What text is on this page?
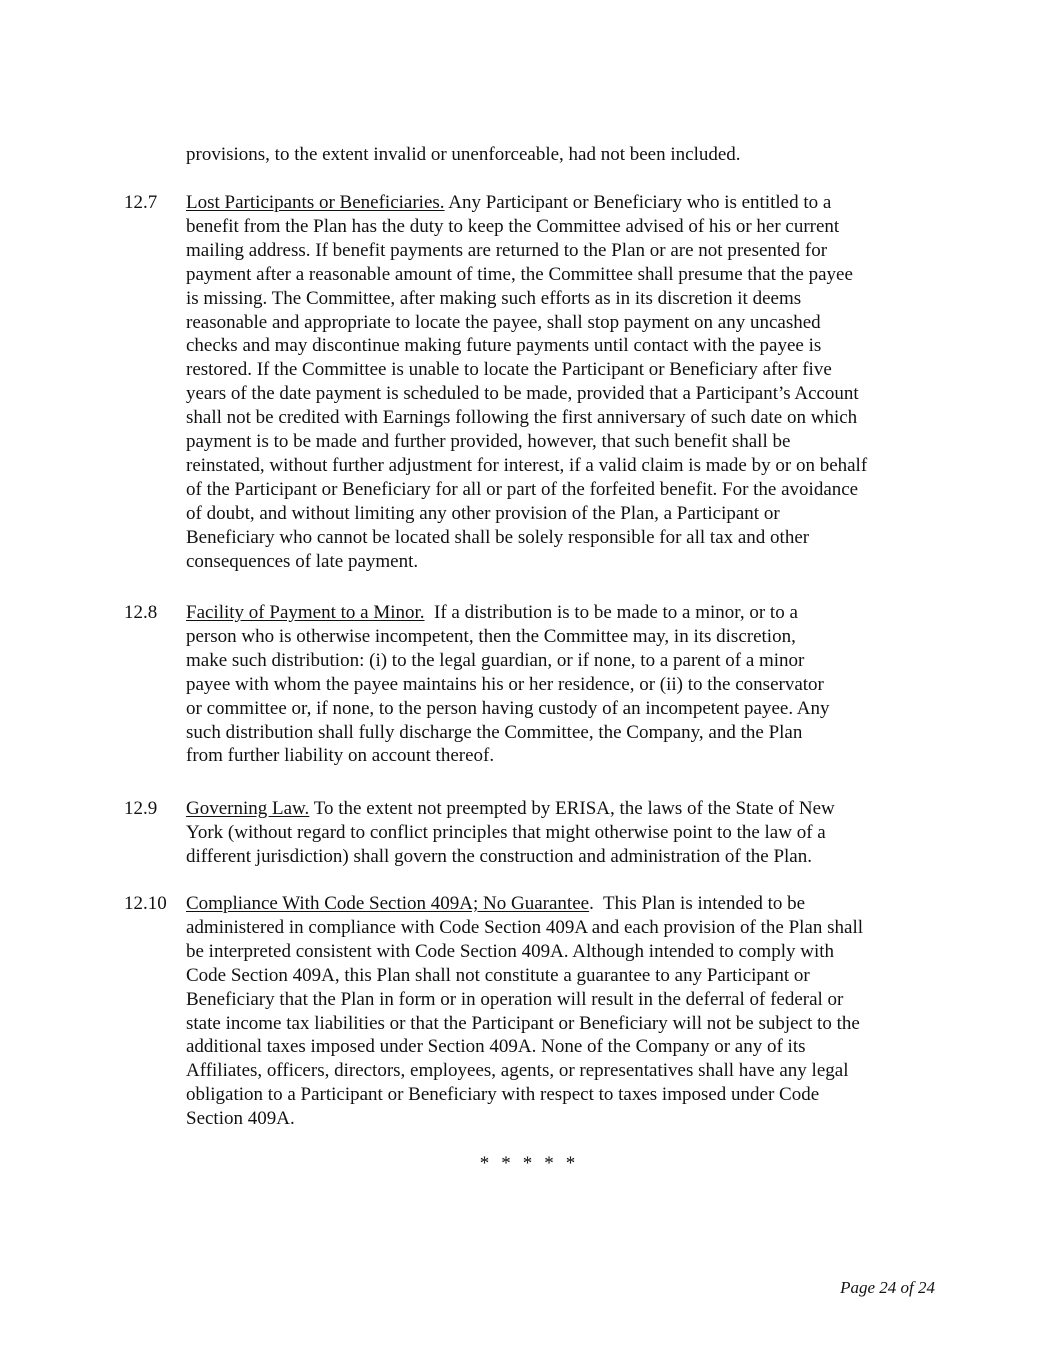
provisions, to the extent invalid or unenforceable, had not been included.

12.7	Lost Participants or Beneficiaries. Any Participant or Beneficiary who is entitled to a
benefit from the Plan has the duty to keep the Committee advised of his or her current
mailing address. If benefit payments are returned to the Plan or are not presented for
payment after a reasonable amount of time, the Committee shall presume that the payee
is missing. The Committee, after making such efforts as in its discretion it deems
reasonable and appropriate to locate the payee, shall stop payment on any uncashed
checks and may discontinue making future payments until contact with the payee is
restored. If the Committee is unable to locate the Participant or Beneficiary after five
years of the date payment is scheduled to be made, provided that a Participant’s Account
shall not be credited with Earnings following the first anniversary of such date on which
payment is to be made and further provided, however, that such benefit shall be
reinstated, without further adjustment for interest, if a valid claim is made by or on behalf
of the Participant or Beneficiary for all or part of the forfeited benefit. For the avoidance
of doubt, and without limiting any other provision of the Plan, a Participant or
Beneficiary who cannot be located shall be solely responsible for all tax and other
consequences of late payment.
12.8	Facility of Payment to a Minor.  If a distribution is to be made to a minor, or to a
person who is otherwise incompetent, then the Committee may, in its discretion,
make such distribution: (i) to the legal guardian, or if none, to a parent of a minor
payee with whom the payee maintains his or her residence, or (ii) to the conservator
or committee or, if none, to the person having custody of an incompetent payee. Any
such distribution shall fully discharge the Committee, the Company, and the Plan
from further liability on account thereof.
12.9	Governing Law. To the extent not preempted by ERISA, the laws of the State of New
York (without regard to conflict principles that might otherwise point to the law of a
different jurisdiction) shall govern the construction and administration of the Plan.
12.10	Compliance With Code Section 409A; No Guarantee.  This Plan is intended to be
administered in compliance with Code Section 409A and each provision of the Plan shall
be interpreted consistent with Code Section 409A. Although intended to comply with
Code Section 409A, this Plan shall not constitute a guarantee to any Participant or
Beneficiary that the Plan in form or in operation will result in the deferral of federal or
state income tax liabilities or that the Participant or Beneficiary will not be subject to the
additional taxes imposed under Section 409A. None of the Company or any of its
Affiliates, officers, directors, employees, agents, or representatives shall have any legal
obligation to a Participant or Beneficiary with respect to taxes imposed under Code
Section 409A.
* * * * *
Page 24 of 24
